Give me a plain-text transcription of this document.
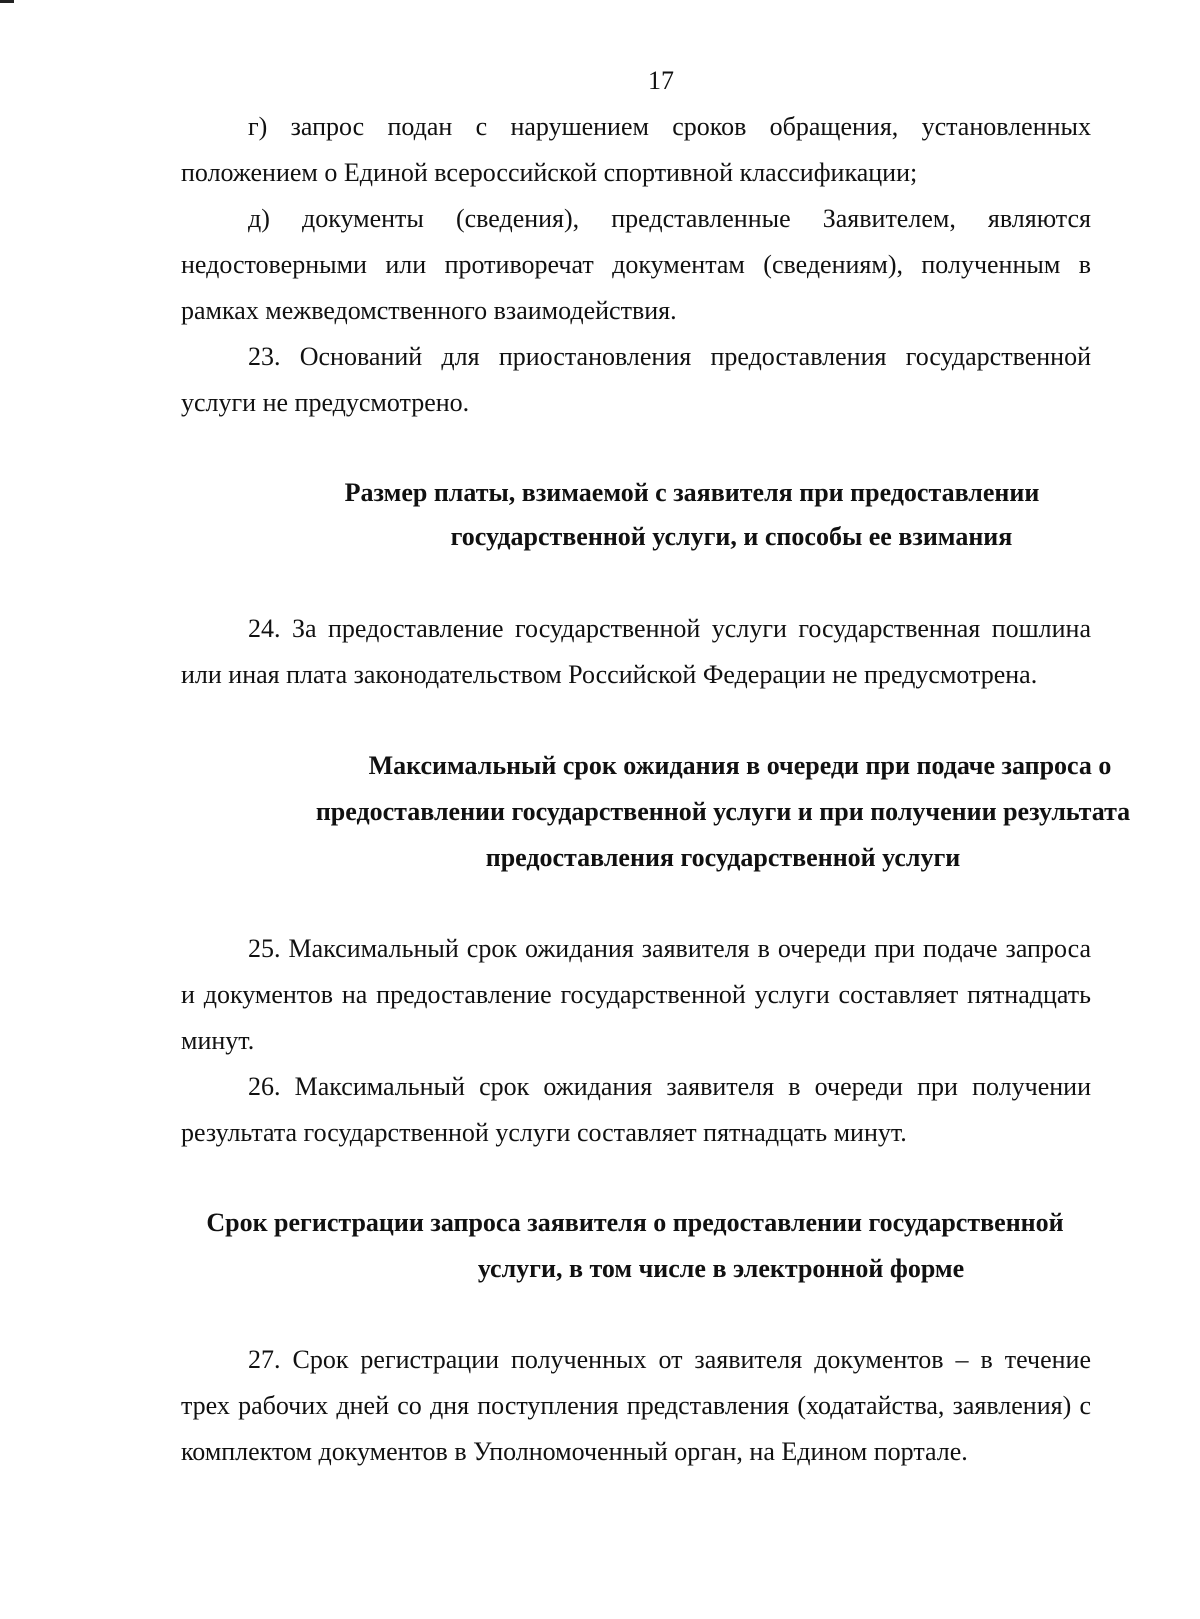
17

г) запрос подан с нарушением сроков обращения, установленных положением о Единой всероссийской спортивной классификации;

д) документы (сведения), представленные Заявителем, являются недостоверными или противоречат документам (сведениям), полученным в рамках межведомственного взаимодействия.

23. Оснований для приостановления предоставления государственной услуги не предусмотрено.

Размер платы, взимаемой с заявителя при предоставлении
государственной услуги, и способы ее взимания

24. За предоставление государственной услуги государственная пошлина или иная плата законодательством Российской Федерации не предусмотрена.

Максимальный срок ожидания в очереди при подаче запроса о
предоставлении государственной услуги и при получении результата
предоставления государственной услуги

25. Максимальный срок ожидания заявителя в очереди при подаче запроса и документов на предоставление государственной услуги составляет пятнадцать минут.

26. Максимальный срок ожидания заявителя в очереди при получении результата государственной услуги составляет пятнадцать минут.

Срок регистрации запроса заявителя о предоставлении государственной
услуги, в том числе в электронной форме

27. Срок регистрации полученных от заявителя документов – в течение трех рабочих дней со дня поступления представления (ходатайства, заявления) с комплектом документов в Уполномоченный орган, на Едином портале.
